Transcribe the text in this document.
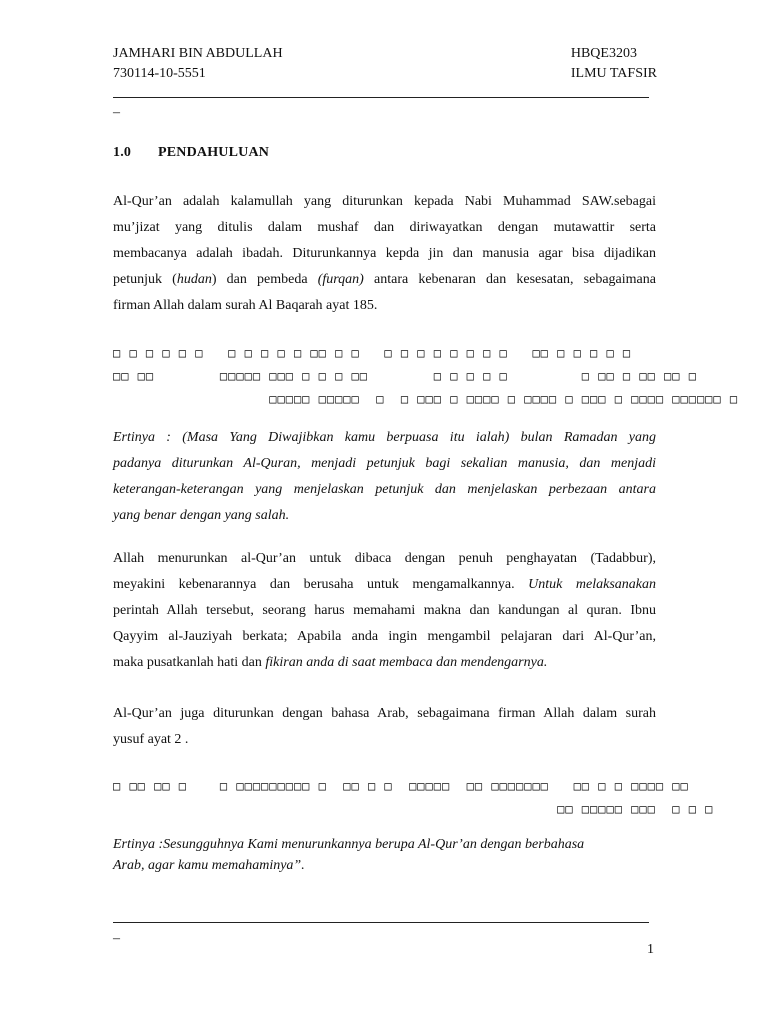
JAMHARI BIN ABDULLAH
730114-10-5551
HBQE3203
ILMU TAFSIR
–
1.0 PENDAHULUAN
Al-Qur’an adalah kalamullah yang diturunkan kepada Nabi Muhammad SAW.sebagai
mu’jizat yang ditulis dalam mushaf dan diriwayatkan dengan mutawattir serta
membacanya adalah ibadah. Diturunkannya kepda jin dan manusia agar bisa dijadikan
petunjuk (hudan) dan pembeda (furqan) antara kebenaran dan kesesatan, sebagaimana
firman Allah dalam surah Al Baqarah ayat 185.
□ □ □ □ □ □   □ □ □ □ □ □□ □ □   □ □ □ □ □ □ □ □   □□ □ □ □ □ □
□□ □□        □□□□□ □□□ □ □ □ □□        □ □ □ □ □         □ □□ □ □□ □□ □
□□□□□ □□□□□  □  □ □□□ □ □□□□ □ □□□□ □ □□□ □ □□□□ □□□□□□ □
Ertinya : (Masa Yang Diwajibkan kamu berpuasa itu ialah) bulan Ramadan yang
padanya diturunkan Al-Quran, menjadi petunjuk bagi sekalian manusia, dan menjadi
keterangan-keterangan yang menjelaskan petunjuk dan menjelaskan perbezaan antara
yang benar dengan yang salah.
Allah menurunkan al-Qur’an untuk dibaca dengan penuh penghayatan (Tadabbur),
meyakini kebenarannya dan berusaha untuk mengamalkannya. Untuk melaksanakan
perintah Allah tersebut, seorang harus memahami makna dan kandungan al quran. Ibnu
Qayyim al-Jauziyah berkata; Apabila anda ingin mengambil pelajaran dari Al-Qur’an,
maka pusatkanlah hati dan fikiran anda di saat membaca dan mendengarnya.
Al-Qur’an juga diturunkan dengan bahasa Arab, sebagaimana firman Allah dalam surah
yusuf ayat 2 .
□ □□ □□ □    □ □□□□□□□□□ □  □□ □ □  □□□□□  □□ □□□□□□□   □□ □ □ □□□□ □□
□□ □□□□□ □□□  □ □ □
Ertinya :Sesungguhnya Kami menurunkannya berupa Al-Qur’an dengan berbahasa
Arab, agar kamu memahaminya”.
–
1
